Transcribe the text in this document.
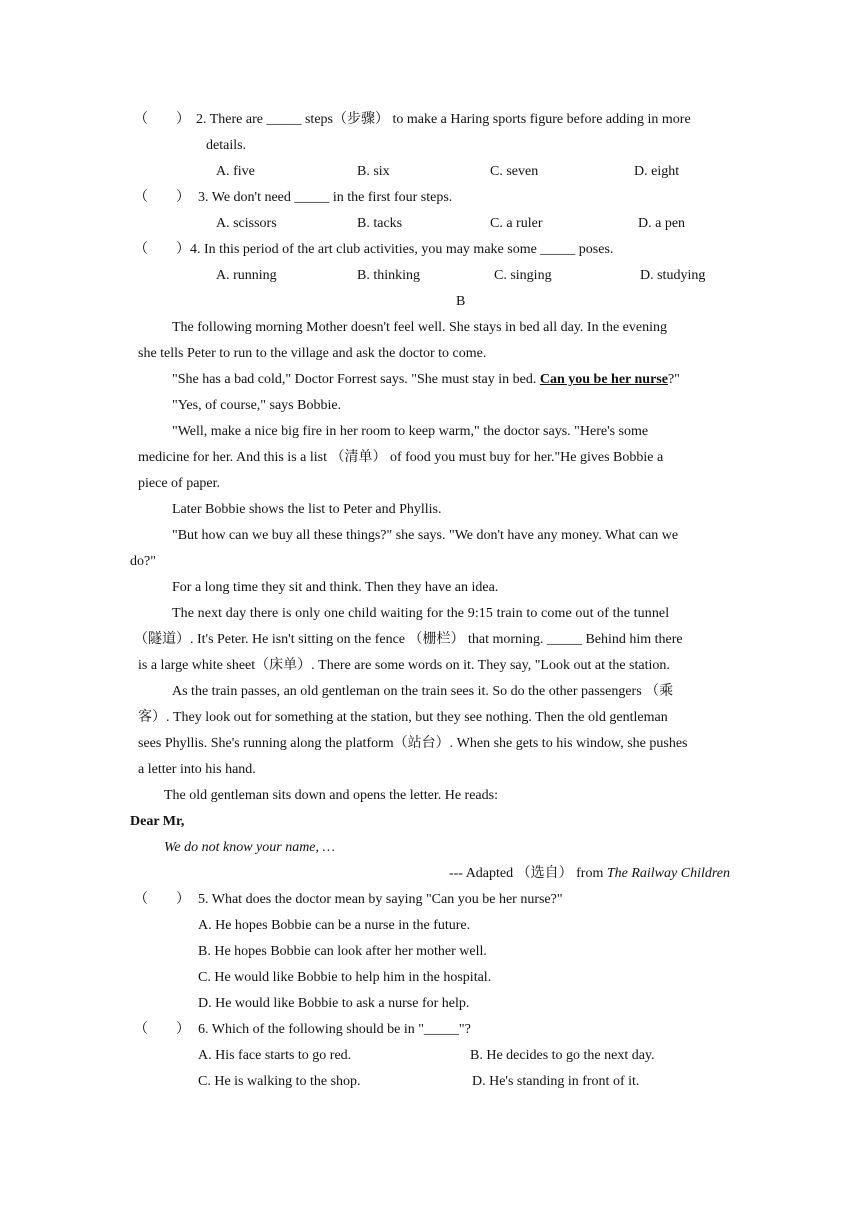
（　　） 2. There are _____ steps（步骤） to make a Haring sports figure before adding in more
details.
A. five	B. six	C. seven	D. eight
（　　） 3. We don't need _____ in the first four steps.
A. scissors	B. tacks	C. a ruler	D. a pen
（　　） 4. In this period of the art club activities, you may make some _____ poses.
A. running	B. thinking	C. singing	D. studying
B
The following morning Mother doesn't feel well. She stays in bed all day. In the evening
she tells Peter to run to the village and ask the doctor to come.
"She has a bad cold," Doctor Forrest says. "She must stay in bed. Can you be her nurse?"
"Yes, of course," says Bobbie.
"Well, make a nice big fire in her room to keep warm," the doctor says. "Here's some
medicine for her. And this is a list （清单） of food you must buy for her."He gives Bobbie a
piece of paper.
Later Bobbie shows the list to Peter and Phyllis.
"But how can we buy all these things?" she says. "We don't have any money. What can we
do?"
For a long time they sit and think. Then they have an idea.
The next day there is only one child waiting for the 9:15 train to come out of the tunnel
（隧道）. It's Peter. He isn't sitting on the fence （栅栏） that morning. _____ Behind him there
is a large white sheet（床单）. There are some words on it. They say, "Look out at the station.
As the train passes, an old gentleman on the train sees it. So do the other passengers （乘
客）. They look out for something at the station, but they see nothing. Then the old gentleman
sees Phyllis. She's running along the platform（站台）. When she gets to his window, she pushes
a letter into his hand.
The old gentleman sits down and opens the letter. He reads:
Dear Mr,
We do not know your name, …
--- Adapted （选自） from The Railway Children
（　　） 5. What does the doctor mean by saying "Can you be her nurse?"
A. He hopes Bobbie can be a nurse in the future.
B. He hopes Bobbie can look after her mother well.
C. He would like Bobbie to help him in the hospital.
D. He would like Bobbie to ask a nurse for help.
（　　） 6. Which of the following should be in "_____"?
A. His face starts to go red.	B. He decides to go the next day.
C. He is walking to the shop.	D. He's standing in front of it.
